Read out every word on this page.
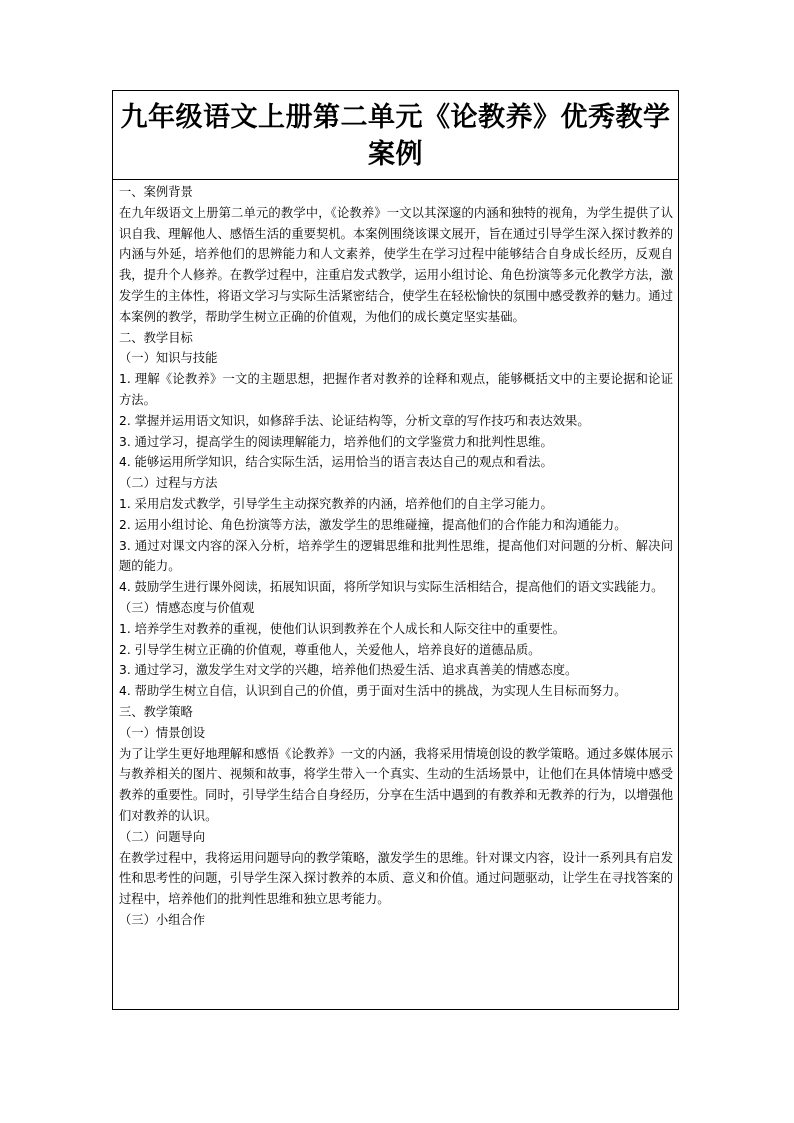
九年级语文上册第二单元《论教养》优秀教学案例

一、案例背景

在九年级语文上册第二单元的教学中，《论教养》一文以其深邃的内涵和独特的视角，为学生提供了认识自我、理解他人、感悟生活的重要契机。本案例围绕该课文展开，旨在通过引导学生深入探讨教养的内涵与外延，培养他们的思辨能力和人文素养，使学生在学习过程中能够结合自身成长经历，反观自我，提升个人修养。在教学过程中，注重启发式教学，运用小组讨论、角色扮演等多元化教学方法，激发学生的主体性，将语文学习与实际生活紧密结合，使学生在轻松愉快的氛围中感受教养的魅力。通过本案例的教学，帮助学生树立正确的价值观，为他们的成长奠定坚实基础。

二、教学目标

（一）知识与技能

1. 理解《论教养》一文的主题思想，把握作者对教养的诠释和观点，能够概括文中的主要论据和论证方法。

2. 掌握并运用语文知识，如修辞手法、论证结构等，分析文章的写作技巧和表达效果。

3. 通过学习，提高学生的阅读理解能力，培养他们的文学鉴赏力和批判性思维。

4. 能够运用所学知识，结合实际生活，运用恰当的语言表达自己的观点和看法。

（二）过程与方法

1. 采用启发式教学，引导学生主动探究教养的内涵，培养他们的自主学习能力。

2. 运用小组讨论、角色扮演等方法，激发学生的思维碰撞，提高他们的合作能力和沟通能力。

3. 通过对课文内容的深入分析，培养学生的逻辑思维和批判性思维，提高他们对问题的分析、解决问题的能力。

4. 鼓励学生进行课外阅读，拓展知识面，将所学知识与实际生活相结合，提高他们的语文实践能力。

（三）情感态度与价值观

1. 培养学生对教养的重视，使他们认识到教养在个人成长和人际交往中的重要性。

2. 引导学生树立正确的价值观，尊重他人，关爱他人，培养良好的道德品质。

3. 通过学习，激发学生对文学的兴趣，培养他们热爱生活、追求真善美的情感态度。

4. 帮助学生树立自信，认识到自己的价值，勇于面对生活中的挑战，为实现人生目标而努力。

三、教学策略

（一）情景创设

为了让学生更好地理解和感悟《论教养》一文的内涵，我将采用情境创设的教学策略。通过多媒体展示与教养相关的图片、视频和故事，将学生带入一个真实、生动的生活场景中，让他们在具体情境中感受教养的重要性。同时，引导学生结合自身经历，分享在生活中遇到的有教养和无教养的行为，以增强他们对教养的认识。

（二）问题导向

在教学过程中，我将运用问题导向的教学策略，激发学生的思维。针对课文内容，设计一系列具有启发性和思考性的问题，引导学生深入探讨教养的本质、意义和价值。通过问题驱动，让学生在寻找答案的过程中，培养他们的批判性思维和独立思考能力。

（三）小组合作
